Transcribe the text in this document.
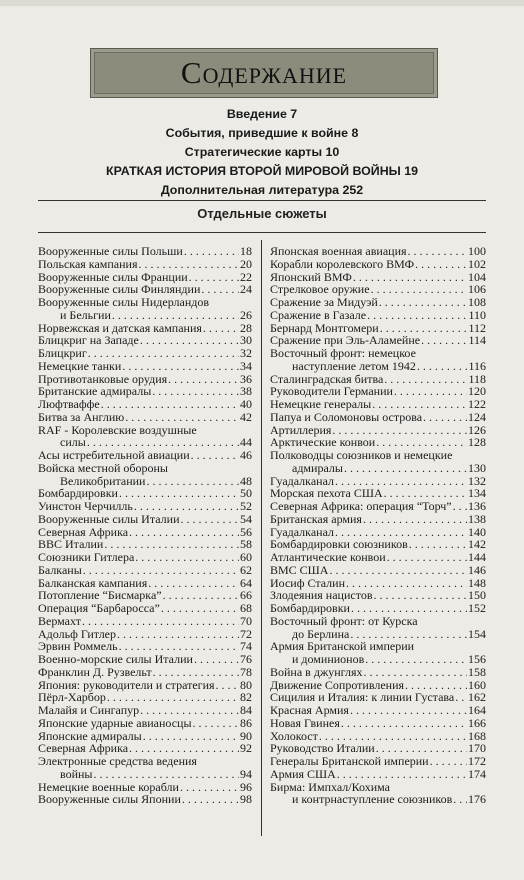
Содержание
Введение 7
События, приведшие к войне 8
Стратегические карты 10
КРАТКАЯ ИСТОРИЯ ВТОРОЙ МИРОВОЙ ВОЙНЫ 19
Дополнительная литература 252
Отдельные сюжеты
Вооруженные силы Польши . . .	18
Польская кампания . . .	20
Вооруженные силы Франции . . .	22
Вооруженные силы Финляндии . . .	24
Вооруженные силы Нидерландов
и Бельгии . . .	26
Норвежская и датская кампания . . .	28
Блицкриг на Западе . . .	30
Блицкриг . . .	32
Немецкие танки . . .	34
Противотанковые орудия . . .	36
Британские адмиралы . . .	38
Люфтваффе . . .	40
Битва за Англию . . .	42
RAF - Королевские воздушные
силы . . .	44
Асы истребительной авиации . . .	46
Войска местной обороны
Великобритании . . .	48
Бомбардировки . . .	50
Уинстон Черчилль . . .	52
Вооруженные силы Италии . . .	54
Северная Африка . . .	56
ВВС Италии . . .	58
Союзники Гитлера . . .	60
Балканы . . .	62
Балканская кампания . . .	64
Потопление “Бисмарка” . . .	66
Операция “Барбаросса” . . .	68
Вермахт . . .	70
Адольф Гитлер . . .	72
Эрвин Роммель . . .	74
Военно-морские силы Италии . . .	76
Франклин Д. Рузвельт . . .	78
Япония: руководители и стратегия . . . 80
Пёрл-Харбор . . .	82
Малайя и Сингапур . . .	84
Японские ударные авианосцы . . .	86
Японские адмиралы . . .	90
Северная Африка . . .	92
Электронные средства ведения
войны . . .	94
Немецкие военные корабли . . .	96
Вооруженные силы Японии . . .	98
Японская военная авиация . . .	100
Корабли королевского ВМФ . . .	102
Японский ВМФ . . .	104
Стрелковое оружие . . .	106
Сражение за Мидуэй . . .	108
Сражение в Газале . . .	110
Бернард Монтгомери . . .	112
Сражение при Эль-Аламейне . . .	114
Восточный фронт: немецкое
наступление летом 1942 . . .	116
Сталинградская битва . . .	118
Руководители Германии . . .	120
Немецкие генералы . . .	122
Папуа и Соломоновы острова . . .	124
Артиллерия . . .	126
Арктические конвои . . .	128
Полководцы союзников и немецкие
адмиралы . . .	130
Гуадалканал . . .	132
Морская пехота США . . .	134
Северная Африка: операция “Торч” . . . 136
Британская армия . . .	138
Гуадалканал . . .	140
Бомбардировки союзников . . .	142
Атлантические конвои . . .	144
ВМС США . . .	146
Иосиф Сталин . . .	148
Злодеяния нацистов . . .	150
Бомбардировки . . .	152
Восточный фронт: от Курска
до Берлина . . .	154
Армия Британской империи
и доминионов . . .	156
Война в джунглях . . .	158
Движение Сопротивления . . .	160
Сицилия и Италия: к линии Густава . . . 162
Красная Армия . . .	164
Новая Гвинея . . .	166
Холокост . . .	168
Руководство Италии . . .	170
Генералы Британской империи . . .	172
Армия США . . .	174
Бирма: Импхал/Кохима
и контрнаступление союзников . . . 176
